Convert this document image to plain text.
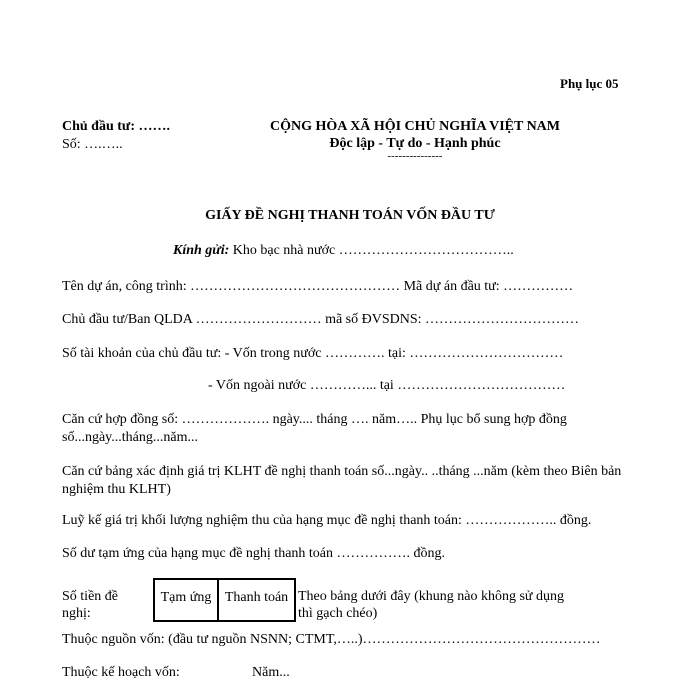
Phụ lục 05
Chủ đầu tư: …….
Số: ….…..
CỘNG HÒA XÃ HỘI CHỦ NGHĨA VIỆT NAM
Độc lập - Tự do - Hạnh phúc
---------------
GIẤY ĐỀ NGHỊ THANH TOÁN VỐN ĐẦU TƯ
Kính gửi: Kho bạc nhà nước ………………………………..
Tên dự án, công trình: ……………………………………… Mã dự án đầu tư: ……………
Chủ đầu tư/Ban QLDA ……………………… mã số ĐVSDNS: ……………………………
Số tài khoản của chủ đầu tư: - Vốn trong nước …………. tại: ……………………………
- Vốn ngoài nước …………... tại ………………………………
Căn cứ hợp đồng số: ………………. ngày.... tháng …. năm….. Phụ lục bổ sung hợp đồng
số...ngày...tháng...năm...
Căn cứ bảng xác định giá trị KLHT đề nghị thanh toán số...ngày.. ..tháng ...năm (kèm theo Biên bản
nghiệm thu KLHT)
Luỹ kế giá trị khối lượng nghiệm thu của hạng mục đề nghị thanh toán: ……………….. đồng.
Số dư tạm ứng của hạng mục đề nghị thanh toán ……………. đồng.
Số tiền đề
nghị:
Tạm ứng Thanh toán Theo bảng dưới đây (khung nào không sử dụng
thì gạch chéo)
Thuộc nguồn vốn: (đầu tư nguồn NSNN; CTMT,…..)……………………………………………
Thuộc kế hoạch vốn:	Năm...
